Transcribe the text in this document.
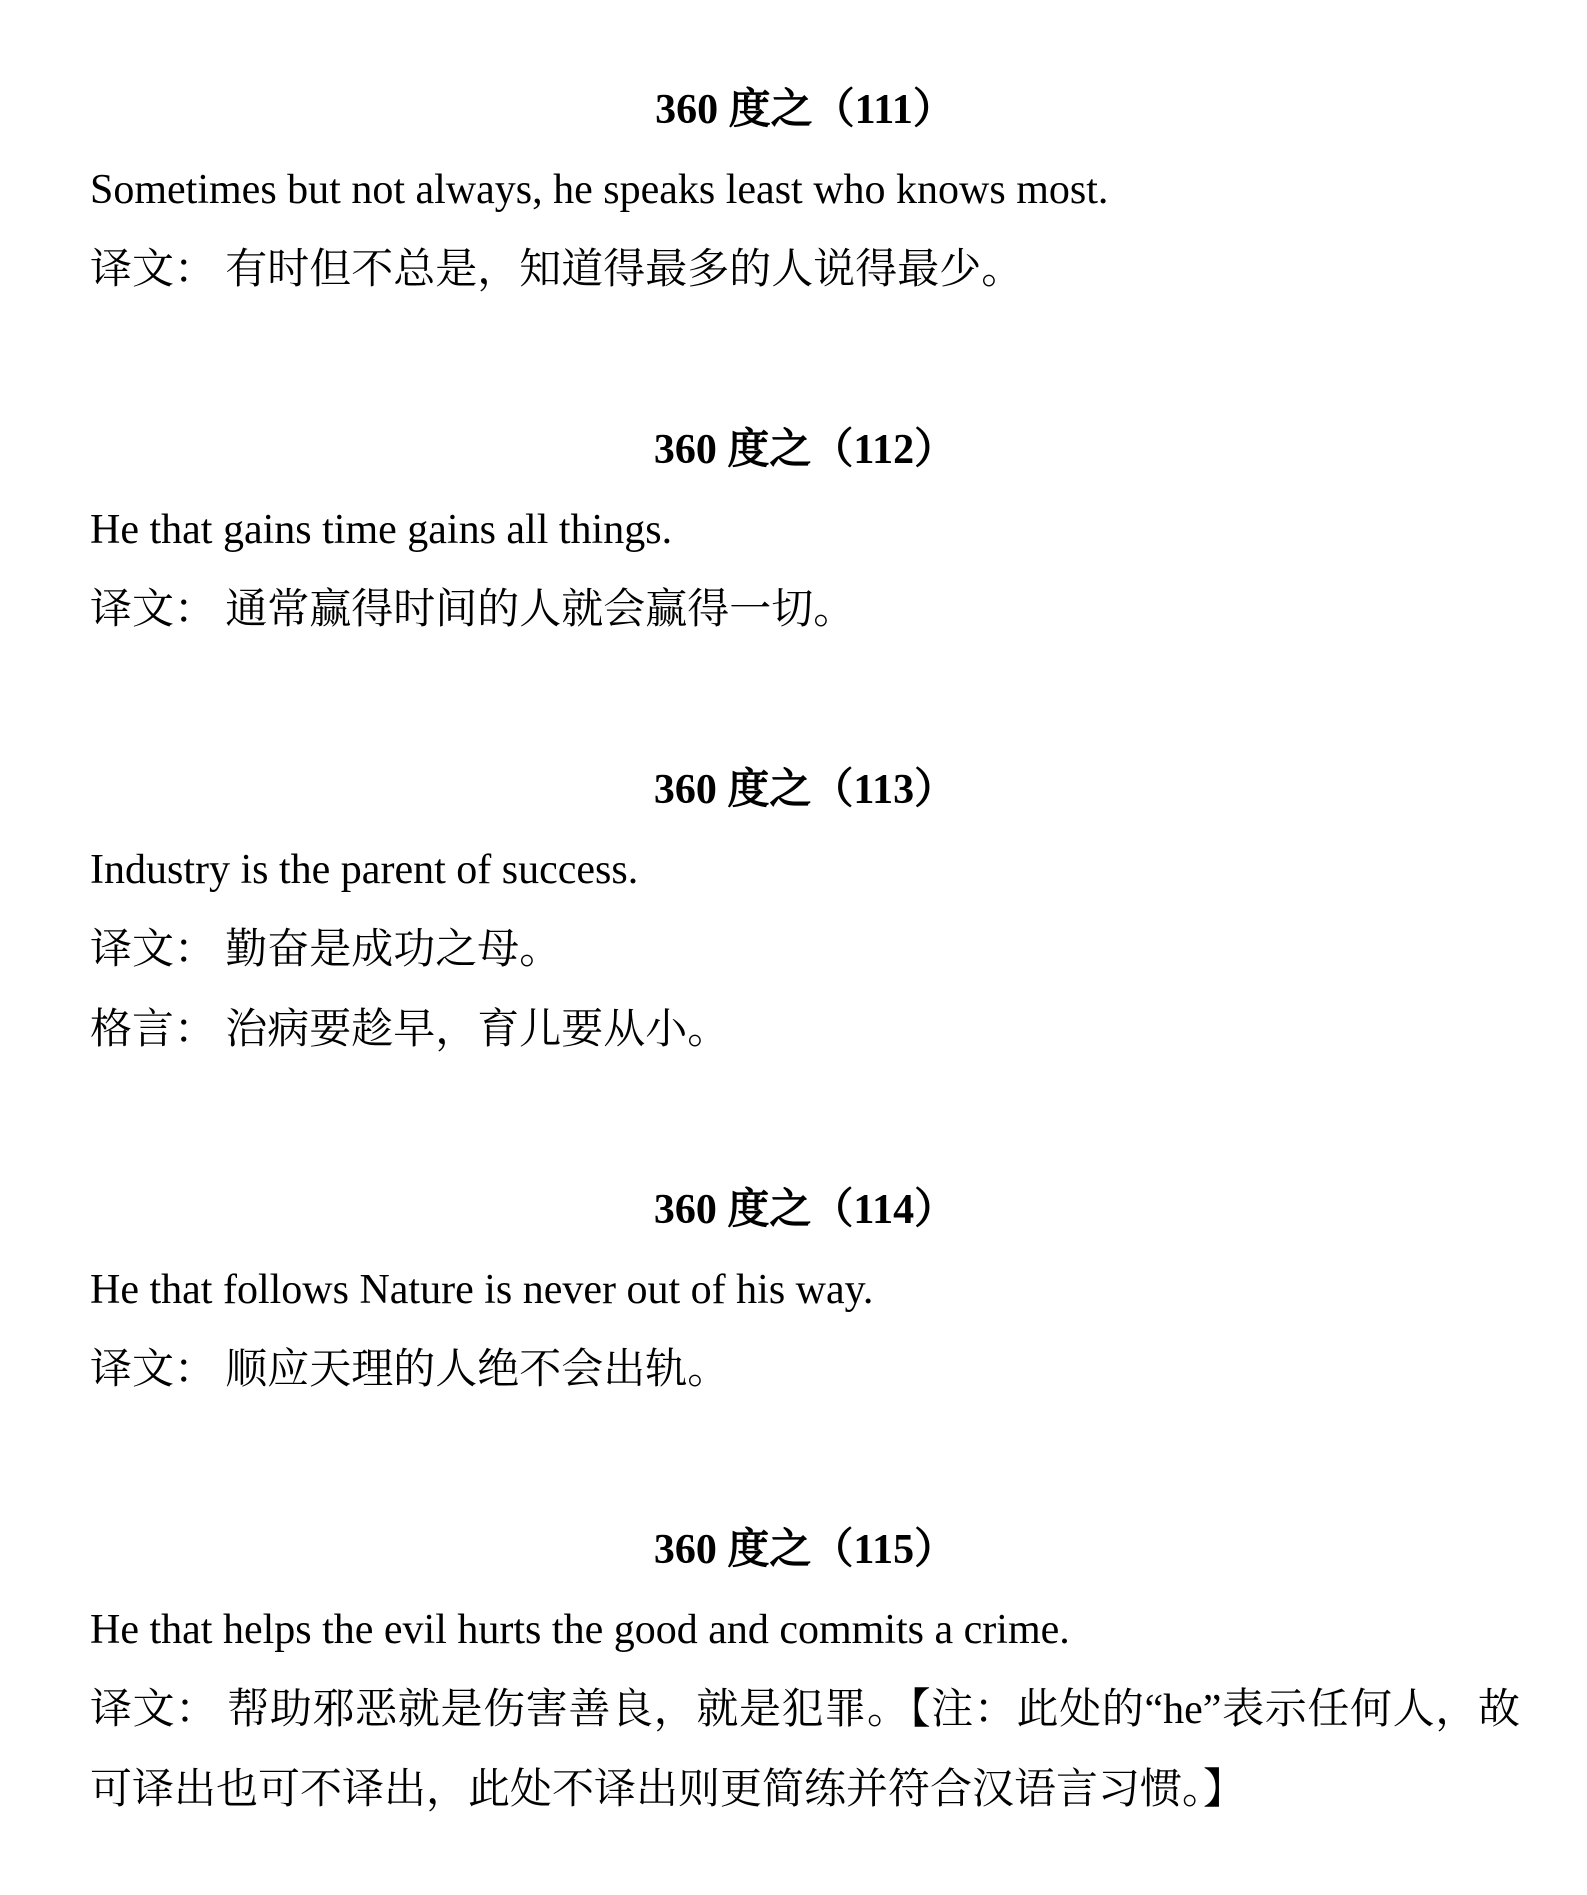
360 度之（111）

Sometimes but not always, he speaks least who knows most.

译文： 有时但不总是，知道得最多的人说得最少。

360 度之（112）

He that gains time gains all things.

译文： 通常赢得时间的人就会赢得一切。

360 度之（113）

Industry is the parent of success.

译文： 勤奋是成功之母。

格言： 治病要趁早，育儿要从小。

360 度之（114）

He that follows Nature is never out of his way.

译文： 顺应天理的人绝不会出轨。

360 度之（115）

He that helps the evil hurts the good and commits a crime.

译文： 帮助邪恶就是伤害善良，就是犯罪。【注：此处的“he”表示任何人，故可译出也可不译出，此处不译出则更简练并符合汉语言习惯。】
